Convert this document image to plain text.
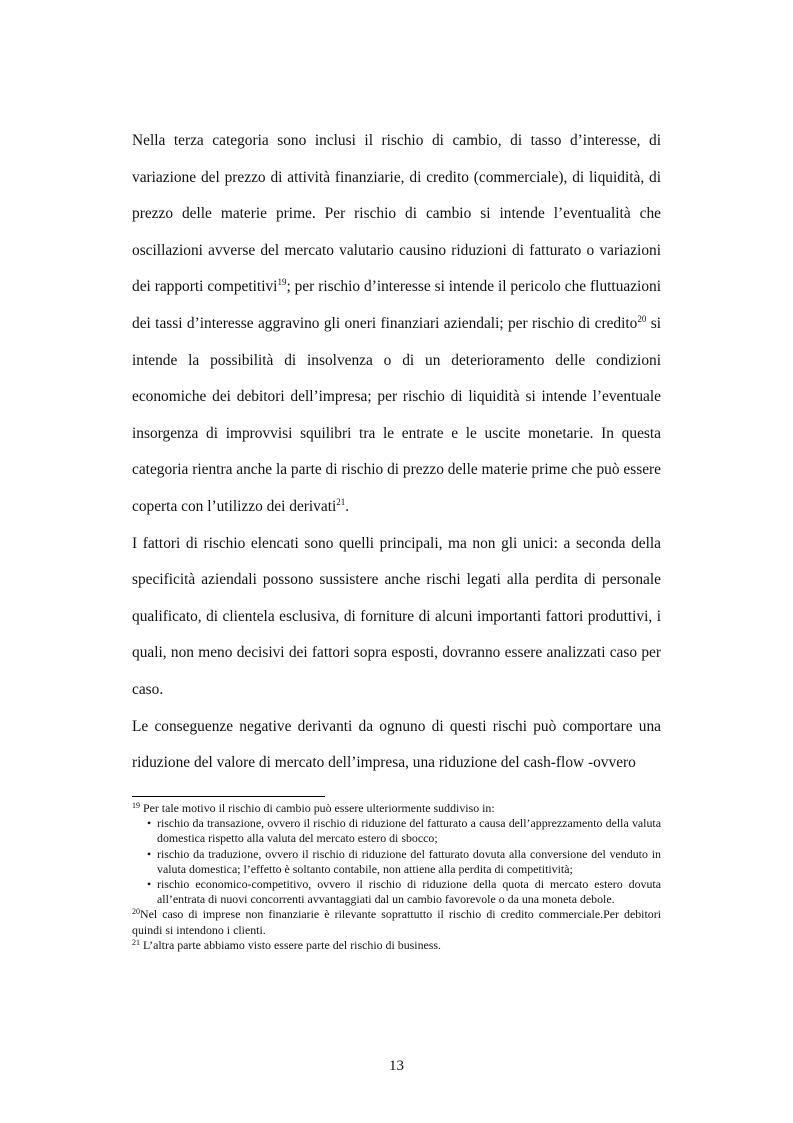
Nella terza categoria sono inclusi il rischio di cambio, di tasso d’interesse, di variazione del prezzo di attività finanziarie, di credito (commerciale), di liquidità, di prezzo delle materie prime. Per rischio di cambio si intende l’eventualità che oscillazioni avverse del mercato valutario causino riduzioni di fatturato o variazioni dei rapporti competitivi$^{19}$; per rischio d’interesse si intende il pericolo che fluttuazioni dei tassi d’interesse aggravino gli oneri finanziari aziendali; per rischio di credito$^{20}$ si intende la possibilità di insolvenza o di un deterioramento delle condizioni economiche dei debitori dell’impresa; per rischio di liquidità si intende l’eventuale insorgenza di improvvisi squilibri tra le entrate e le uscite monetarie. In questa categoria rientra anche la parte di rischio di prezzo delle materie prime che può essere coperta con l’utilizzo dei derivati$^{21}$.

I fattori di rischio elencati sono quelli principali, ma non gli unici: a seconda della specificità aziendali possono sussistere anche rischi legati alla perdita di personale qualificato, di clientela esclusiva, di forniture di alcuni importanti fattori produttivi, i quali, non meno decisivi dei fattori sopra esposti, dovranno essere analizzati caso per caso.

Le conseguenze negative derivanti da ognuno di questi rischi può comportare una riduzione del valore di mercato dell’impresa, una riduzione del cash-flow -ovvero

$^{19}$ Per tale motivo il rischio di cambio può essere ulteriormente suddiviso in:

• rischio da transazione, ovvero il rischio di riduzione del fatturato a causa dell’apprezzamento della valuta domestica rispetto alla valuta del mercato estero di sbocco;
• rischio da traduzione, ovvero il rischio di riduzione del fatturato dovuta alla conversione del venduto in valuta domestica; l’effetto è soltanto contabile, non attiene alla perdita di competitività;
• rischio economico-competitivo, ovvero il rischio di riduzione della quota di mercato estero dovuta all’entrata di nuovi concorrenti avvantaggiati dal un cambio favorevole o da una moneta debole.

$^{20}$Nel caso di imprese non finanziarie è rilevante soprattutto il rischio di credito commerciale.Per debitori quindi si intendono i clienti.

$^{21}$ L’altra parte abbiamo visto essere parte del rischio di business.

13
